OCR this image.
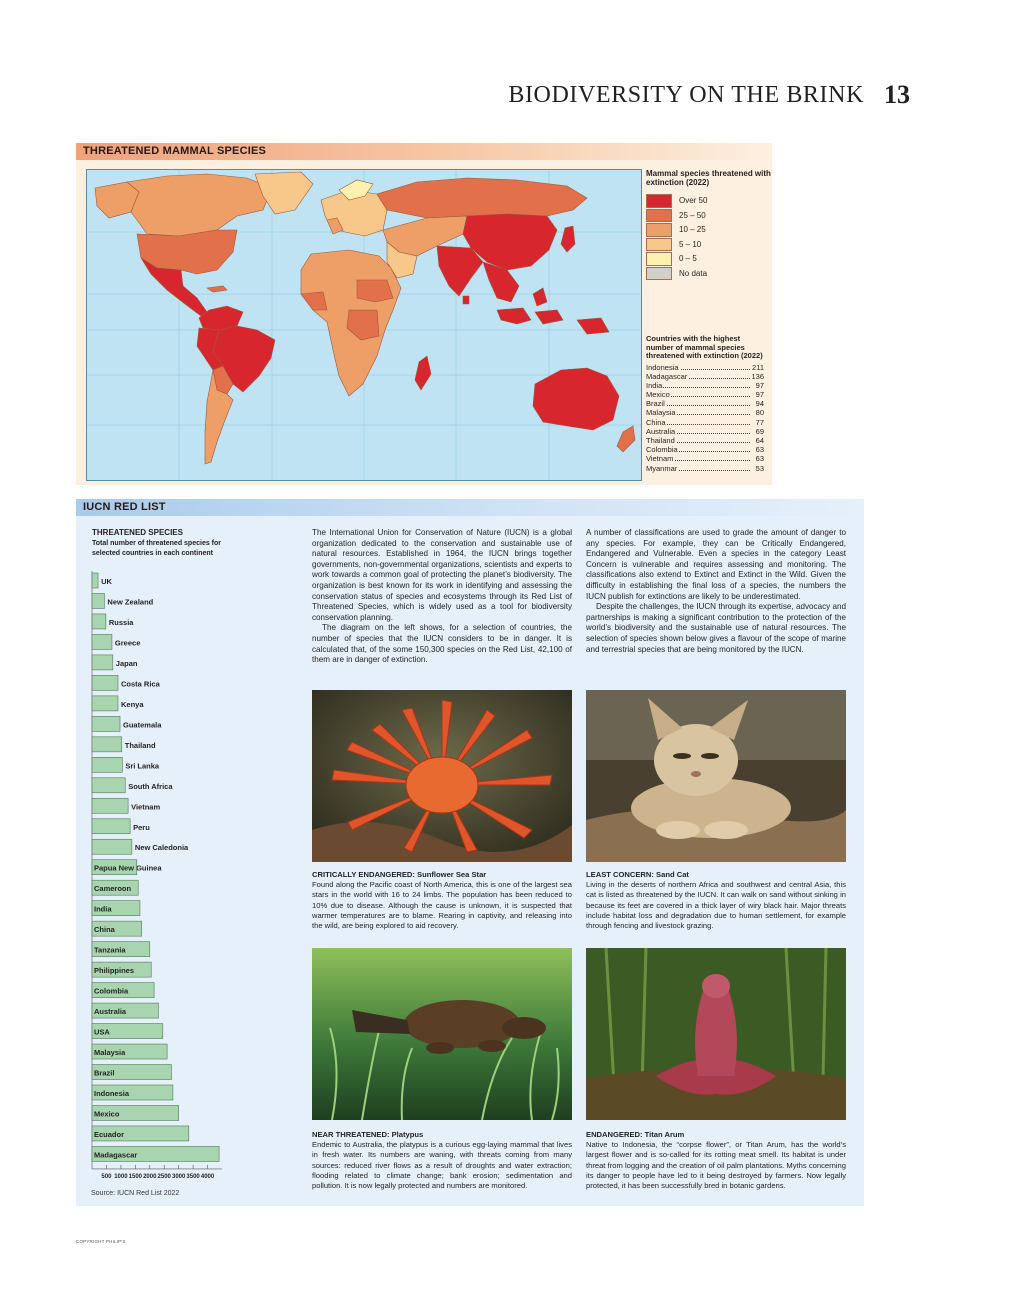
BIODIVERSITY ON THE BRINK 13
THREATENED MAMMAL SPECIES
Mammal species threatened with extinction (2022)
Over 50
25 – 50
10 – 25
5 – 10
0 – 5
No data
Countries with the highest number of mammal species threatened with extinction (2022)
Indonesia	211
Madagascar	136
India	97
Mexico	97
Brazil	94
Malaysia	80
China	77
Australia	69
Thailand	64
Colombia	63
Vietnam	63
Myanmar	53
IUCN RED LIST
UK
New Zealand
Russia
Greece
Japan
Costa Rica
Kenya
Guatemala
Thailand
Sri Lanka
South Africa
Vietnam
Peru
New Caledonia
Papua New Guinea
Cameroon
India
China
Tanzania
Philippines
Colombia
Australia
USA
Malaysia
Brazil
Indonesia
Mexico
Ecuador
Madagascar
500 1000 1500 2000 2500 3000 3500 4000
THREATENED SPECIES
Total number of threatened species for selected countries in each continent
Source: IUCN Red List 2022

The International Union for Conservation of Nature (IUCN) is a global organization dedicated to the conservation and sustainable use of natural resources. Established in 1964, the IUCN brings together governments, non-governmental organizations, scientists and experts to work towards a common goal of protecting the planet’s biodiversity. The organization is best known for its work in identifying and assessing the conservation status of species and ecosystems through its Red List of Threatened Species, which is widely used as a tool for biodiversity conservation planning.

The diagram on the left shows, for a selection of countries, the number of species that the IUCN considers to be in danger. It is calculated that, of the some 150,300 species on the Red List, 42,100 of them are in danger of extinction.

A number of classifications are used to grade the amount of danger to any species. For example, they can be Critically Endangered, Endangered and Vulnerable. Even a species in the category Least Concern is vulnerable and requires assessing and monitoring. The classifications also extend to Extinct and Extinct in the Wild. Given the difficulty in establishing the final loss of a species, the numbers the IUCN publish for extinctions are likely to be underestimated.

Despite the challenges, the IUCN through its expertise, advocacy and partnerships is making a significant contribution to the protection of the world’s biodiversity and the sustainable use of natural resources. The selection of species shown below gives a flavour of the scope of marine and terrestrial species that are being monitored by the IUCN.

CRITICALLY ENDANGERED: Sunflower Sea Star
Found along the Pacific coast of North America, this is one of the largest sea stars in the world with 16 to 24 limbs. The population has been reduced to 10% due to disease. Although the cause is unknown, it is suspected that warmer temperatures are to blame. Rearing in captivity, and releasing into the wild, are being explored to aid recovery.
LEAST CONCERN: Sand Cat
Living in the deserts of northern Africa and southwest and central Asia, this cat is listed as threatened by the IUCN. It can walk on sand without sinking in because its feet are covered in a thick layer of wiry black hair. Major threats include habitat loss and degradation due to human settlement, for example through fencing and livestock grazing.
NEAR THREATENED: Platypus
Endemic to Australia, the platypus is a curious egg-laying mammal that lives in fresh water. Its numbers are waning, with threats coming from many sources: reduced river flows as a result of droughts and water extraction; flooding related to climate change; bank erosion; sedimentation and pollution. It is now legally protected and numbers are monitored.
ENDANGERED: Titan Arum
Native to Indonesia, the “corpse flower”, or Titan Arum, has the world’s largest flower and is so-called for its rotting meat smell. Its habitat is under threat from logging and the creation of oil palm plantations. Myths concerning its danger to people have led to it being destroyed by farmers. Now legally protected, it has been successfully bred in botanic gardens.
COPYRIGHT PHILIP'S
